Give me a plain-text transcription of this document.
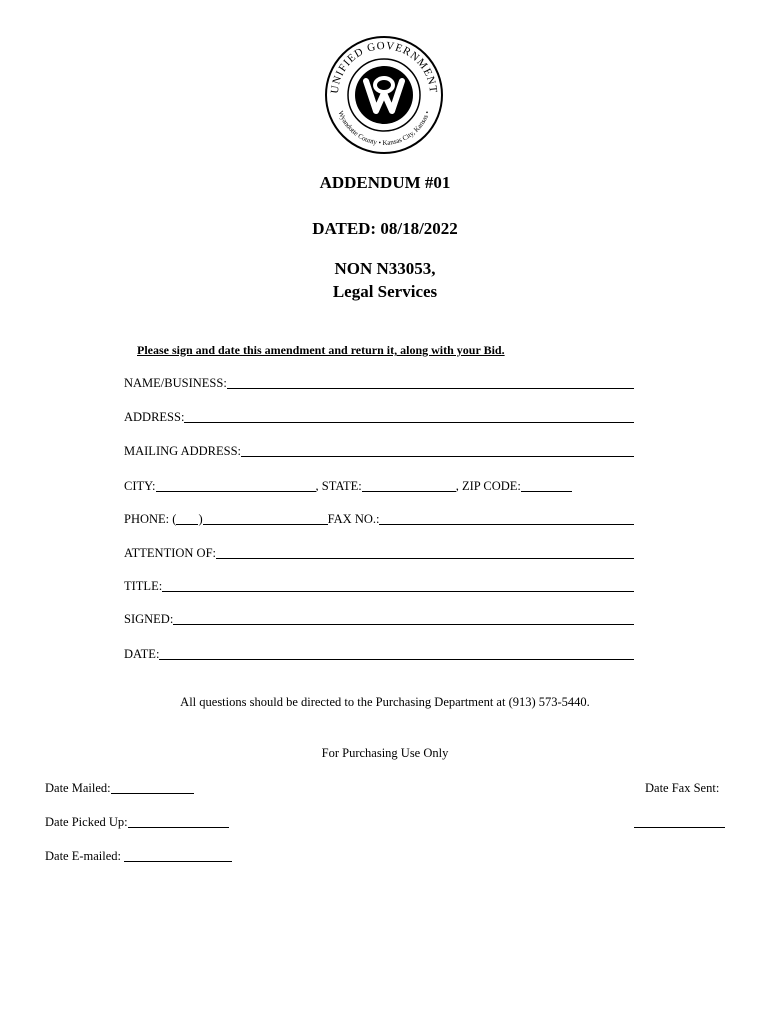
UNIFIED GOVERNMENT
Wyandotte County • Kansas City, Kansas •
ADDENDUM #01
DATED: 08/18/2022
NON N33053,
Legal Services
Please sign and date this amendment and return it, along with your Bid.
NAME/BUSINESS:
ADDRESS:
MAILING ADDRESS:
CITY:	, STATE:	, ZIP CODE:
PHONE: ( )	FAX NO.:
ATTENTION OF:
TITLE:
SIGNED:
DATE:
All questions should be directed to the Purchasing Department at (913) 573-5440.
For Purchasing Use Only
Date Mailed:
Date Picked Up:
Date E-mailed:
Date Fax Sent:
